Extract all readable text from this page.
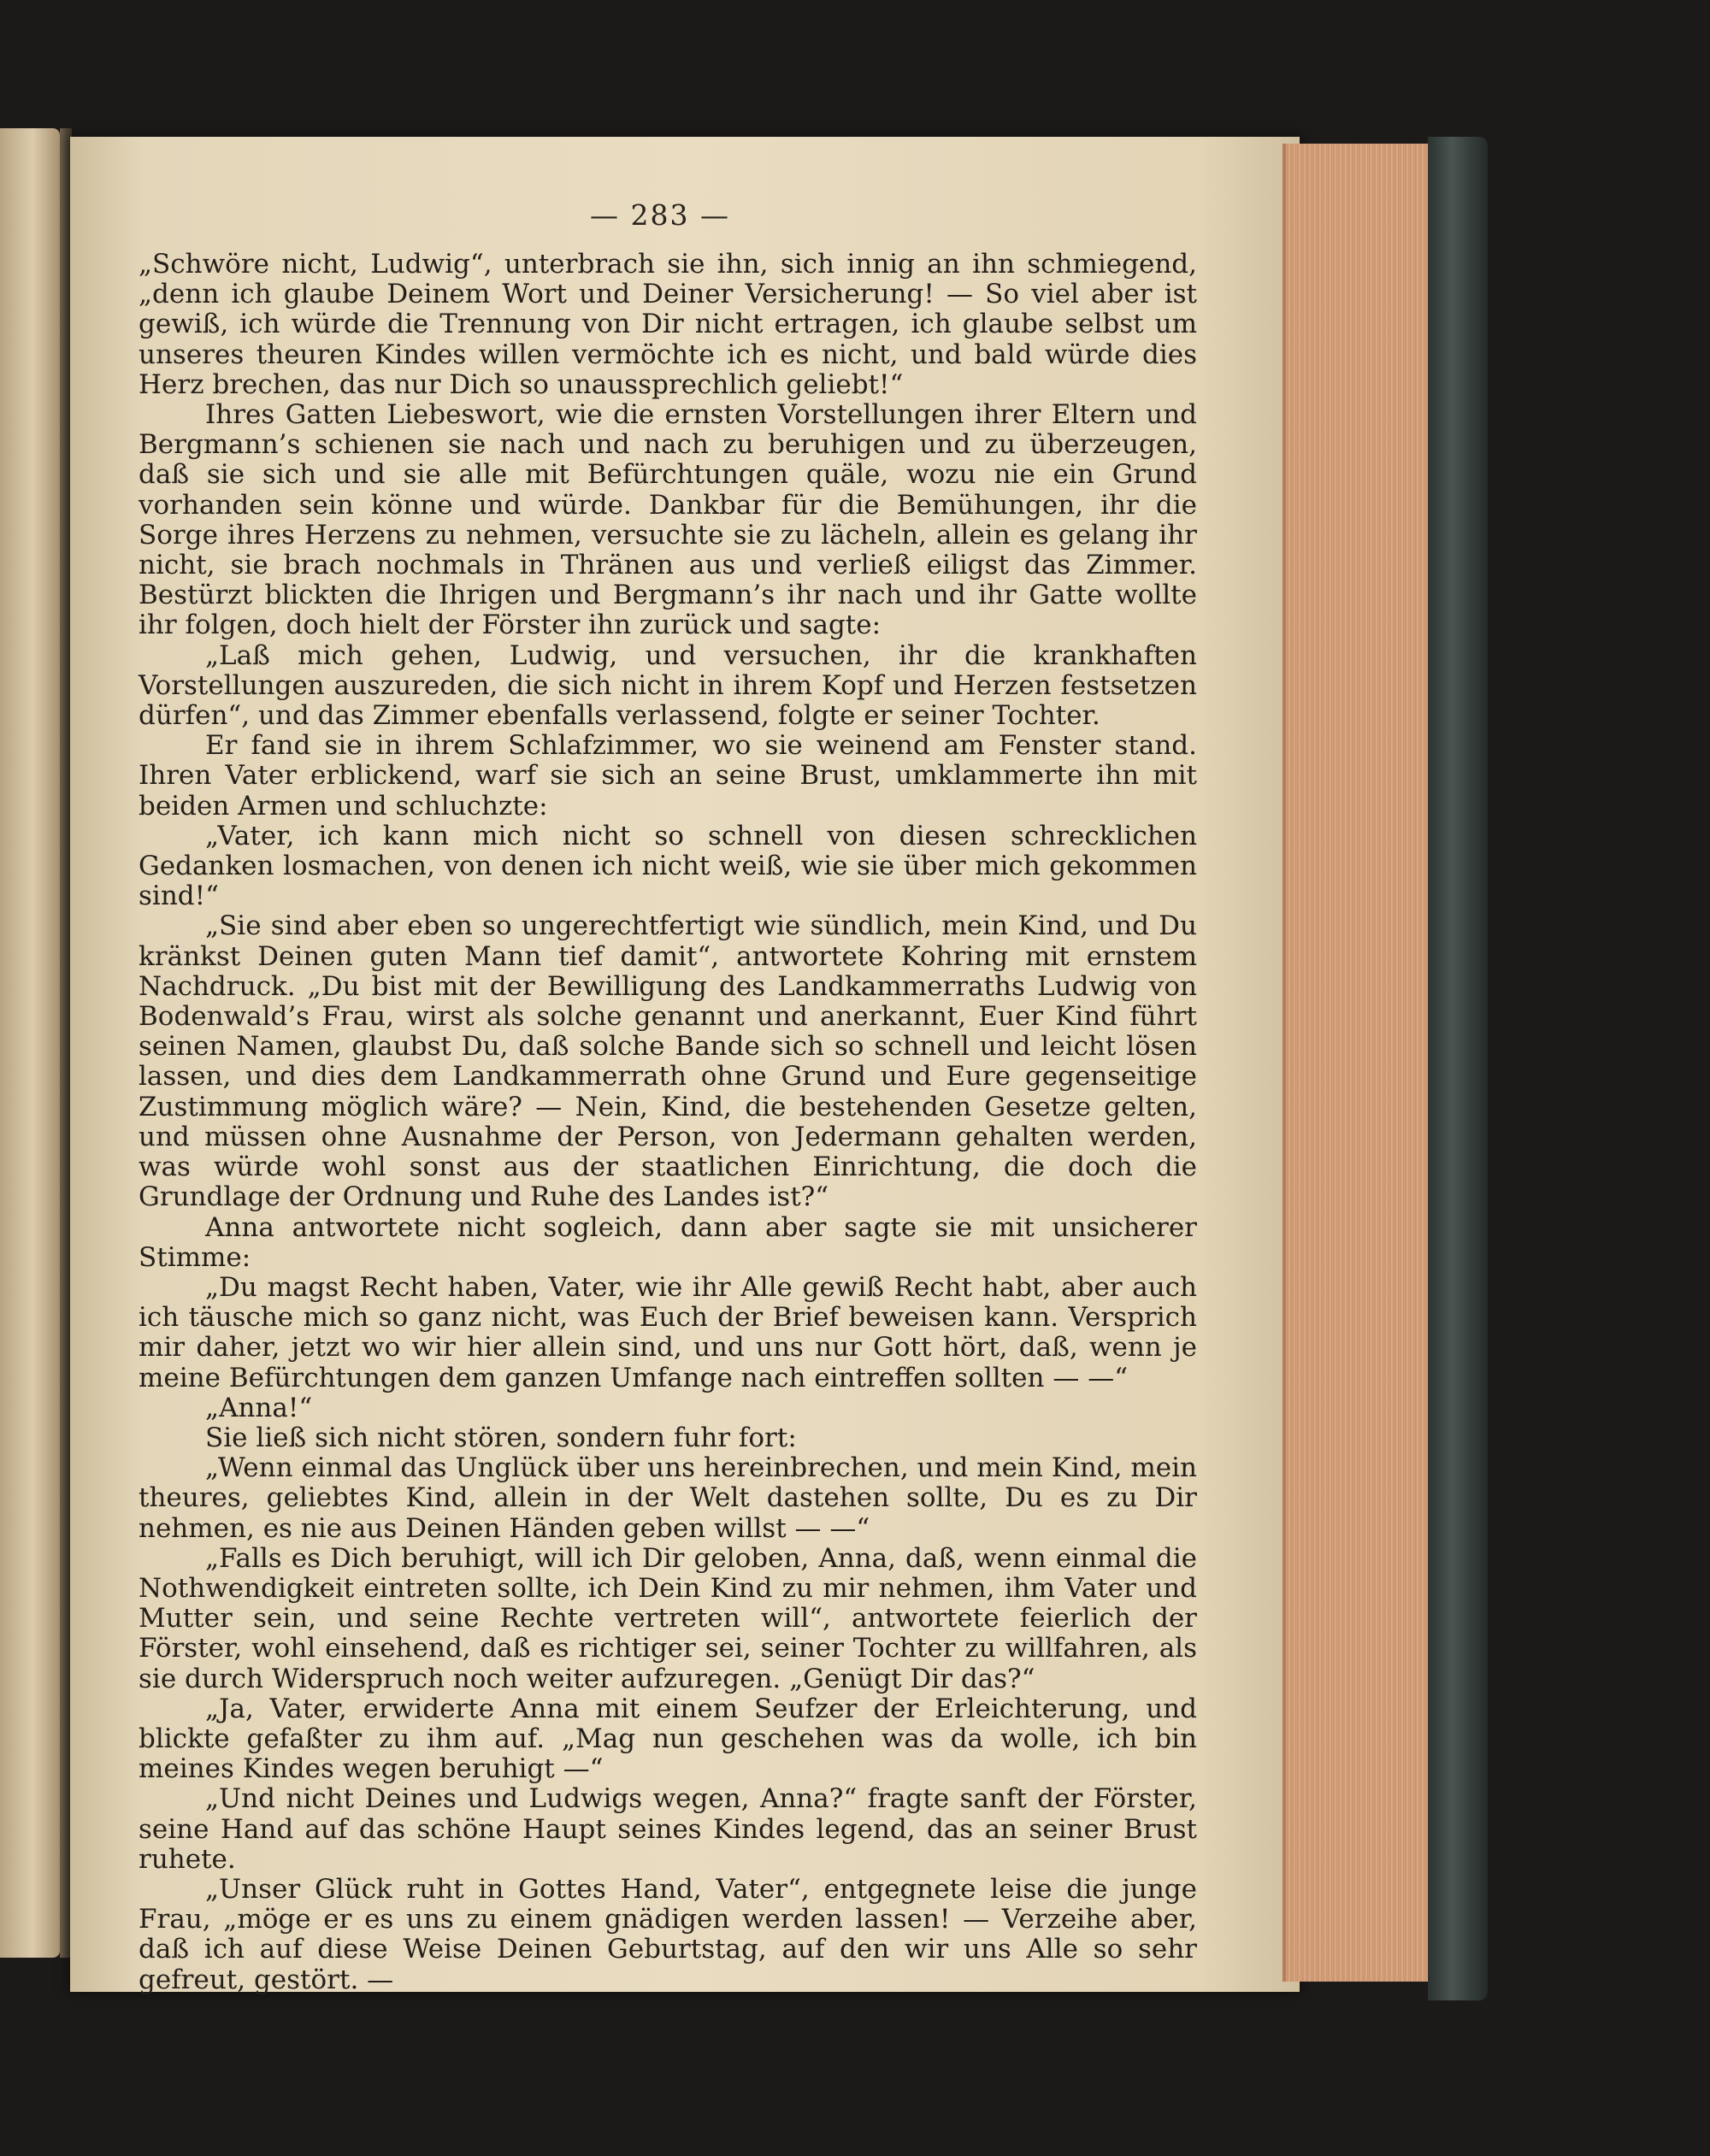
— 283 —

„Schwöre nicht, Ludwig“, unterbrach sie ihn, sich innig an ihn schmiegend, „denn ich glaube Deinem Wort und Deiner Versicherung! — So viel aber ist gewiß, ich würde die Trennung von Dir nicht ertragen, ich glaube selbst um unseres theuren Kindes willen vermöchte ich es nicht, und bald würde dies Herz brechen, das nur Dich so unaussprechlich geliebt!“

Ihres Gatten Liebeswort, wie die ernsten Vorstellungen ihrer Eltern und Bergmann’s schienen sie nach und nach zu beruhigen und zu überzeugen, daß sie sich und sie alle mit Befürchtungen quäle, wozu nie ein Grund vorhanden sein könne und würde. Dankbar für die Bemühungen, ihr die Sorge ihres Herzens zu nehmen, versuchte sie zu lächeln, allein es gelang ihr nicht, sie brach nochmals in Thränen aus und verließ eiligst das Zimmer. Bestürzt blickten die Ihrigen und Bergmann’s ihr nach und ihr Gatte wollte ihr folgen, doch hielt der Förster ihn zurück und sagte:

„Laß mich gehen, Ludwig, und versuchen, ihr die krankhaften Vorstellungen auszureden, die sich nicht in ihrem Kopf und Herzen festsetzen dürfen“, und das Zimmer ebenfalls verlassend, folgte er seiner Tochter.

Er fand sie in ihrem Schlafzimmer, wo sie weinend am Fenster stand. Ihren Vater erblickend, warf sie sich an seine Brust, umklammerte ihn mit beiden Armen und schluchzte:

„Vater, ich kann mich nicht so schnell von diesen schrecklichen Gedanken losmachen, von denen ich nicht weiß, wie sie über mich gekommen sind!“

„Sie sind aber eben so ungerechtfertigt wie sündlich, mein Kind, und Du kränkst Deinen guten Mann tief damit“, antwortete Kohring mit ernstem Nachdruck. „Du bist mit der Bewilligung des Landkammerraths Ludwig von Bodenwald’s Frau, wirst als solche genannt und anerkannt, Euer Kind führt seinen Namen, glaubst Du, daß solche Bande sich so schnell und leicht lösen lassen, und dies dem Landkammerrath ohne Grund und Eure gegenseitige Zustimmung möglich wäre? — Nein, Kind, die bestehenden Gesetze gelten, und müssen ohne Ausnahme der Person, von Jedermann gehalten werden, was würde wohl sonst aus der staatlichen Einrichtung, die doch die Grundlage der Ordnung und Ruhe des Landes ist?“

Anna antwortete nicht sogleich, dann aber sagte sie mit unsicherer Stimme:

„Du magst Recht haben, Vater, wie ihr Alle gewiß Recht habt, aber auch ich täusche mich so ganz nicht, was Euch der Brief beweisen kann. Versprich mir daher, jetzt wo wir hier allein sind, und uns nur Gott hört, daß, wenn je meine Befürchtungen dem ganzen Umfange nach eintreffen sollten — —“

„Anna!“

Sie ließ sich nicht stören, sondern fuhr fort:

„Wenn einmal das Unglück über uns hereinbrechen, und mein Kind, mein theures, geliebtes Kind, allein in der Welt dastehen sollte, Du es zu Dir nehmen, es nie aus Deinen Händen geben willst — —“

„Falls es Dich beruhigt, will ich Dir geloben, Anna, daß, wenn einmal die Nothwendigkeit eintreten sollte, ich Dein Kind zu mir nehmen, ihm Vater und Mutter sein, und seine Rechte vertreten will“, antwortete feierlich der Förster, wohl einsehend, daß es richtiger sei, seiner Tochter zu willfahren, als sie durch Widerspruch noch weiter aufzuregen. „Genügt Dir das?“

„Ja, Vater, erwiderte Anna mit einem Seufzer der Erleichterung, und blickte gefaßter zu ihm auf. „Mag nun geschehen was da wolle, ich bin meines Kindes wegen beruhigt —“

„Und nicht Deines und Ludwigs wegen, Anna?“ fragte sanft der Förster, seine Hand auf das schöne Haupt seines Kindes legend, das an seiner Brust ruhete.

„Unser Glück ruht in Gottes Hand, Vater“, entgegnete leise die junge Frau, „möge er es uns zu einem gnädigen werden lassen! — Verzeihe aber, daß ich auf diese Weise Deinen Geburtstag, auf den wir uns Alle so sehr gefreut, gestört. —
